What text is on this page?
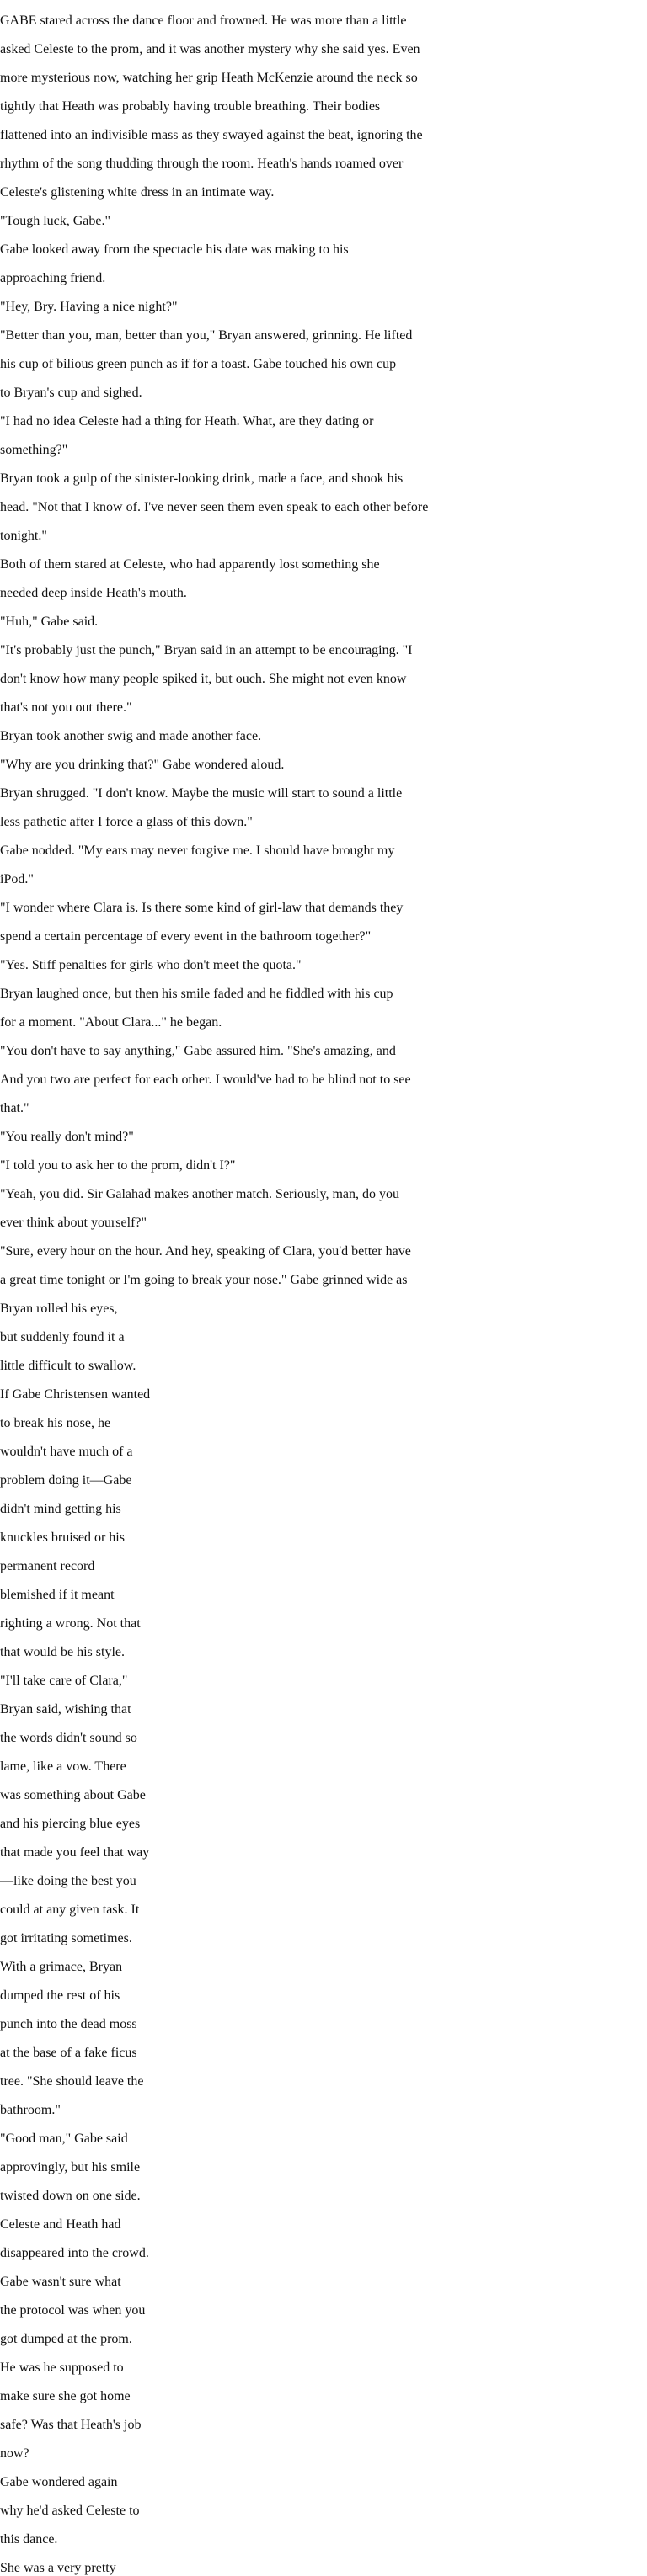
GABE stared across the dance floor and frowned. He was more than a little

asked Celeste to the prom, and it was another mystery why she said yes. Even

more mysterious now, watching her grip Heath McKenzie around the neck so

tightly that Heath was probably having trouble breathing. Their bodies

flattened into an indivisible mass as they swayed against the beat, ignoring the

rhythm of the song thudding through the room. Heath's hands roamed over

Celeste's glistening white dress in an intimate way.

"Tough luck, Gabe."

Gabe looked away from the spectacle his date was making to his

approaching friend.

"Hey, Bry. Having a nice night?"

"Better than you, man, better than you," Bryan answered, grinning. He lifted

his cup of bilious green punch as if for a toast. Gabe touched his own cup

to Bryan's cup and sighed.

"I had no idea Celeste had a thing for Heath. What, are they dating or

something?"

Bryan took a gulp of the sinister-looking drink, made a face, and shook his

head. "Not that I know of. I've never seen them even speak to each other before

tonight."

Both of them stared at Celeste, who had apparently lost something she

needed deep inside Heath's mouth.

"Huh," Gabe said.

"It's probably just the punch," Bryan said in an attempt to be encouraging. "I

don't know how many people spiked it, but ouch. She might not even know

that's not you out there."

Bryan took another swig and made another face.

"Why are you drinking that?" Gabe wondered aloud.

Bryan shrugged. "I don't know. Maybe the music will start to sound a little

less pathetic after I force a glass of this down."

Gabe nodded. "My ears may never forgive me. I should have brought my

iPod."

"I wonder where Clara is. Is there some kind of girl-law that demands they

spend a certain percentage of every event in the bathroom together?"

"Yes. Stiff penalties for girls who don't meet the quota."

Bryan laughed once, but then his smile faded and he fiddled with his cup

for a moment. "About Clara..." he began.

"You don't have to say anything," Gabe assured him. "She's amazing, and

And you two are perfect for each other. I would've had to be blind not to see

that."

"You really don't mind?"

"I told you to ask her to the prom, didn't I?"

"Yeah, you did. Sir Galahad makes another match. Seriously, man, do you

ever think about yourself?"

"Sure, every hour on the hour. And hey, speaking of Clara, you'd better have

a great time tonight or I'm going to break your nose." Gabe grinned wide as

Bryan rolled his eyes,

but suddenly found it a

little difficult to swallow.

If Gabe Christensen wanted

to break his nose, he

wouldn't have much of a

problem doing it—Gabe

didn't mind getting his

knuckles bruised or his

permanent record

blemished if it meant

righting a wrong. Not that

that would be his style.

"I'll take care of Clara,"

Bryan said, wishing that

the words didn't sound so

lame, like a vow. There

was something about Gabe

and his piercing blue eyes

that made you feel that way

—like doing the best you

could at any given task. It

got irritating sometimes.

With a grimace, Bryan

dumped the rest of his

punch into the dead moss

at the base of a fake ficus

tree. "She should leave the

bathroom."

"Good man," Gabe said

approvingly, but his smile

twisted down on one side.

Celeste and Heath had

disappeared into the crowd.

Gabe wasn't sure what

the protocol was when you

got dumped at the prom.

He was he supposed to

make sure she got home

safe? Was that Heath's job

now?

Gabe wondered again

why he'd asked Celeste to

this dance.

She was a very pretty
